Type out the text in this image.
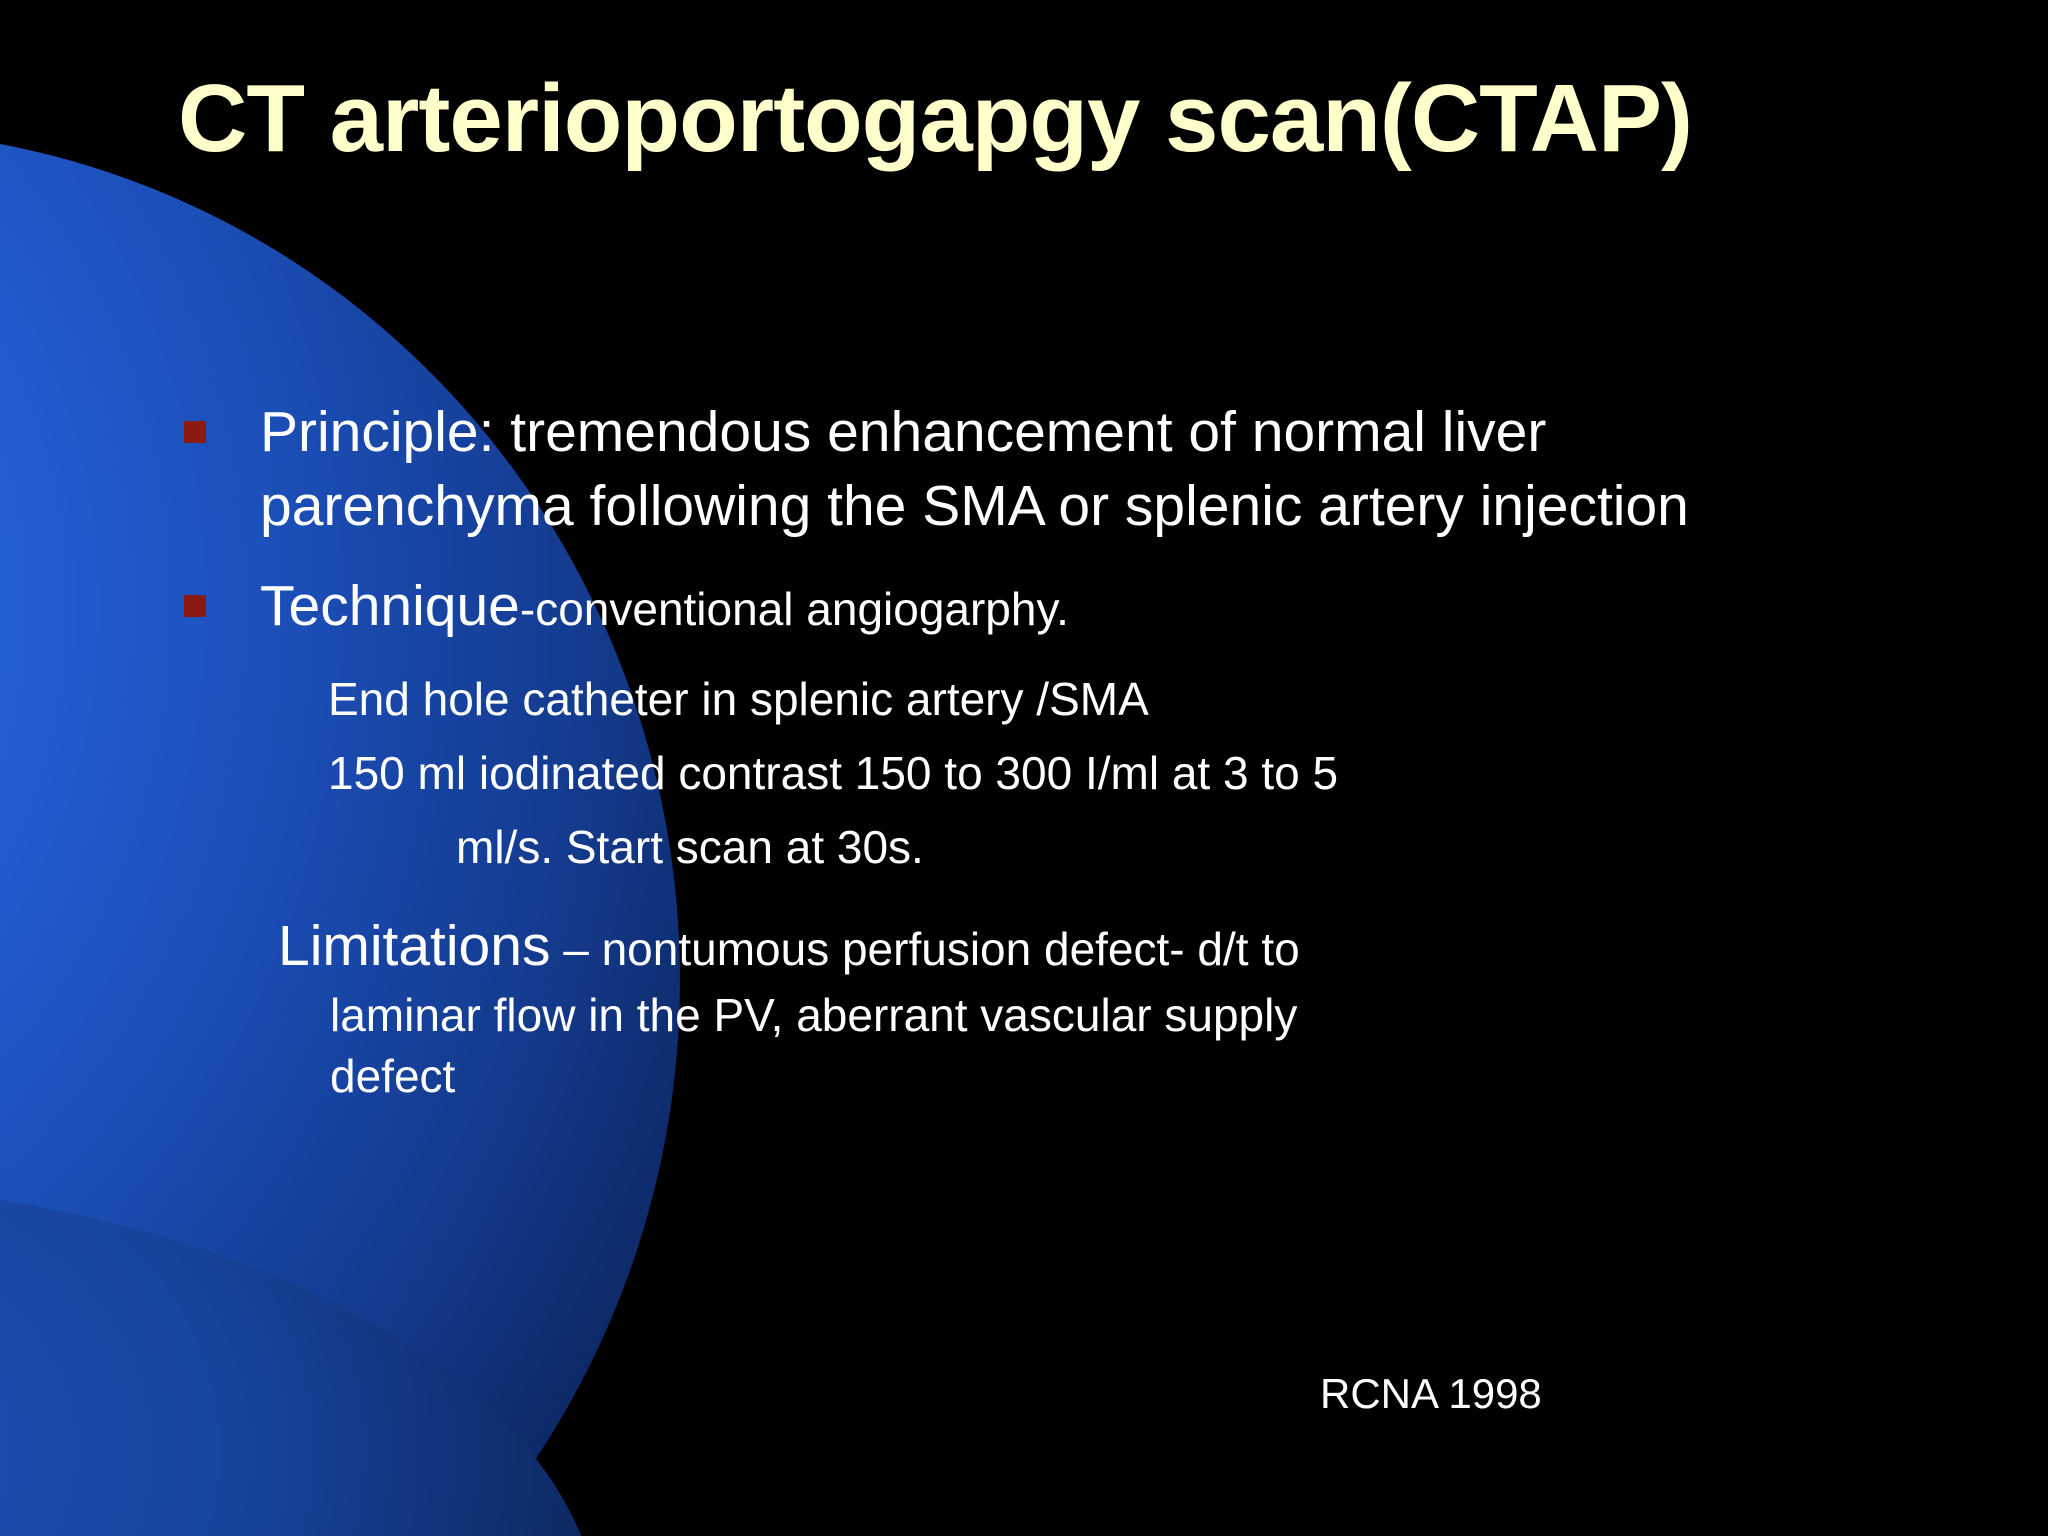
CT arterioportogapgy scan(CTAP)
Principle: tremendous enhancement of normal liver parenchyma following the SMA or splenic artery injection
Technique-conventional angiogarphy.
End hole catheter in splenic artery /SMA
150 ml iodinated contrast 150 to 300 I/ml at 3 to 5
ml/s. Start scan at 30s.
Limitations – nontumous perfusion defect- d/t to
laminar flow in the PV, aberrant vascular supply
defect
RCNA 1998
